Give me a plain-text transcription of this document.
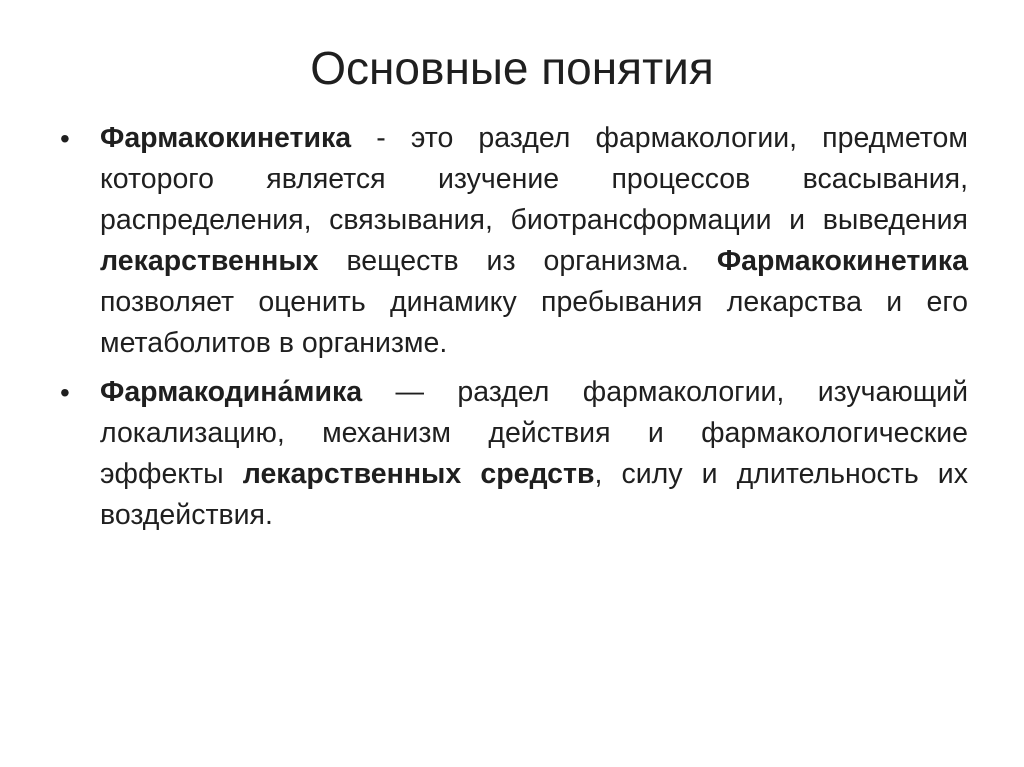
Основные понятия
•	Фармакокинетика - это раздел фармакологии, предметом которого является изучение процессов всасывания, распределения, связывания, биотрансформации и выведения лекарственных веществ из организма. Фармакокинетика позволяет оценить динамику пребывания лекарства и его метаболитов в организме.
•	Фармакодина́мика — раздел фармакологии, изучающий локализацию, механизм действия и фармакологические эффекты лекарственных средств, силу и длительность их воздействия.
